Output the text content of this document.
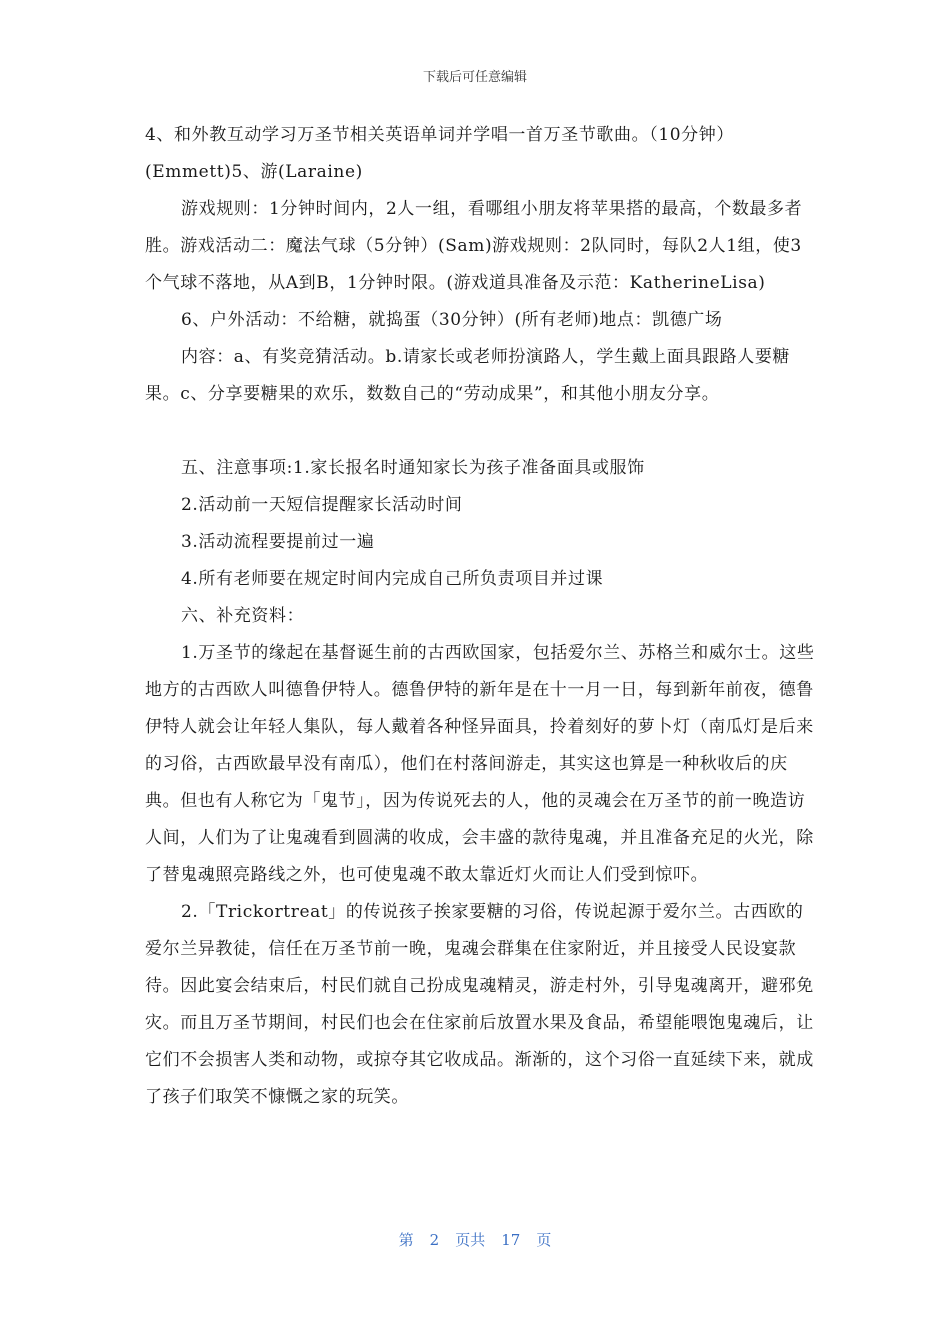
下载后可任意编辑

4、和外教互动学习万圣节相关英语单词并学唱一首万圣节歌曲。（10分钟）(Emmett)5、游(Laraine)

游戏规则：1分钟时间内，2人一组，看哪组小朋友将苹果搭的最高，个数最多者胜。游戏活动二：魔法气球（5分钟）(Sam)游戏规则：2队同时，每队2人1组，使3个气球不落地，从A到B，1分钟时限。(游戏道具准备及示范：KatherineLisa)

6、户外活动：不给糖，就捣蛋（30分钟）(所有老师)地点：凯德广场

内容：a、有奖竞猜活动。b.请家长或老师扮演路人，学生戴上面具跟路人要糖果。c、分享要糖果的欢乐，数数自己的“劳动成果”，和其他小朋友分享。

五、注意事项:1.家长报名时通知家长为孩子准备面具或服饰

2.活动前一天短信提醒家长活动时间

3.活动流程要提前过一遍

4.所有老师要在规定时间内完成自己所负责项目并过课

六、补充资料：

1.万圣节的缘起在基督诞生前的古西欧国家，包括爱尔兰、苏格兰和威尔士。这些地方的古西欧人叫德鲁伊特人。德鲁伊特的新年是在十一月一日，每到新年前夜，德鲁伊特人就会让年轻人集队，每人戴着各种怪异面具，拎着刻好的萝卜灯（南瓜灯是后来的习俗，古西欧最早没有南瓜），他们在村落间游走，其实这也算是一种秋收后的庆典。但也有人称它为「鬼节」，因为传说死去的人，他的灵魂会在万圣节的前一晚造访人间，人们为了让鬼魂看到圆满的收成，会丰盛的款待鬼魂，并且准备充足的火光，除了替鬼魂照亮路线之外，也可使鬼魂不敢太靠近灯火而让人们受到惊吓。

2.「Trickortreat」的传说孩子挨家要糖的习俗，传说起源于爱尔兰。古西欧的爱尔兰异教徒，信任在万圣节前一晚，鬼魂会群集在住家附近，并且接受人民设宴款待。因此宴会结束后，村民们就自己扮成鬼魂精灵，游走村外，引导鬼魂离开，避邪免灾。而且万圣节期间，村民们也会在住家前后放置水果及食品，希望能喂饱鬼魂后，让它们不会损害人类和动物，或掠夺其它收成品。渐渐的，这个习俗一直延续下来，就成了孩子们取笑不慷慨之家的玩笑。

第 2 页共 17 页
